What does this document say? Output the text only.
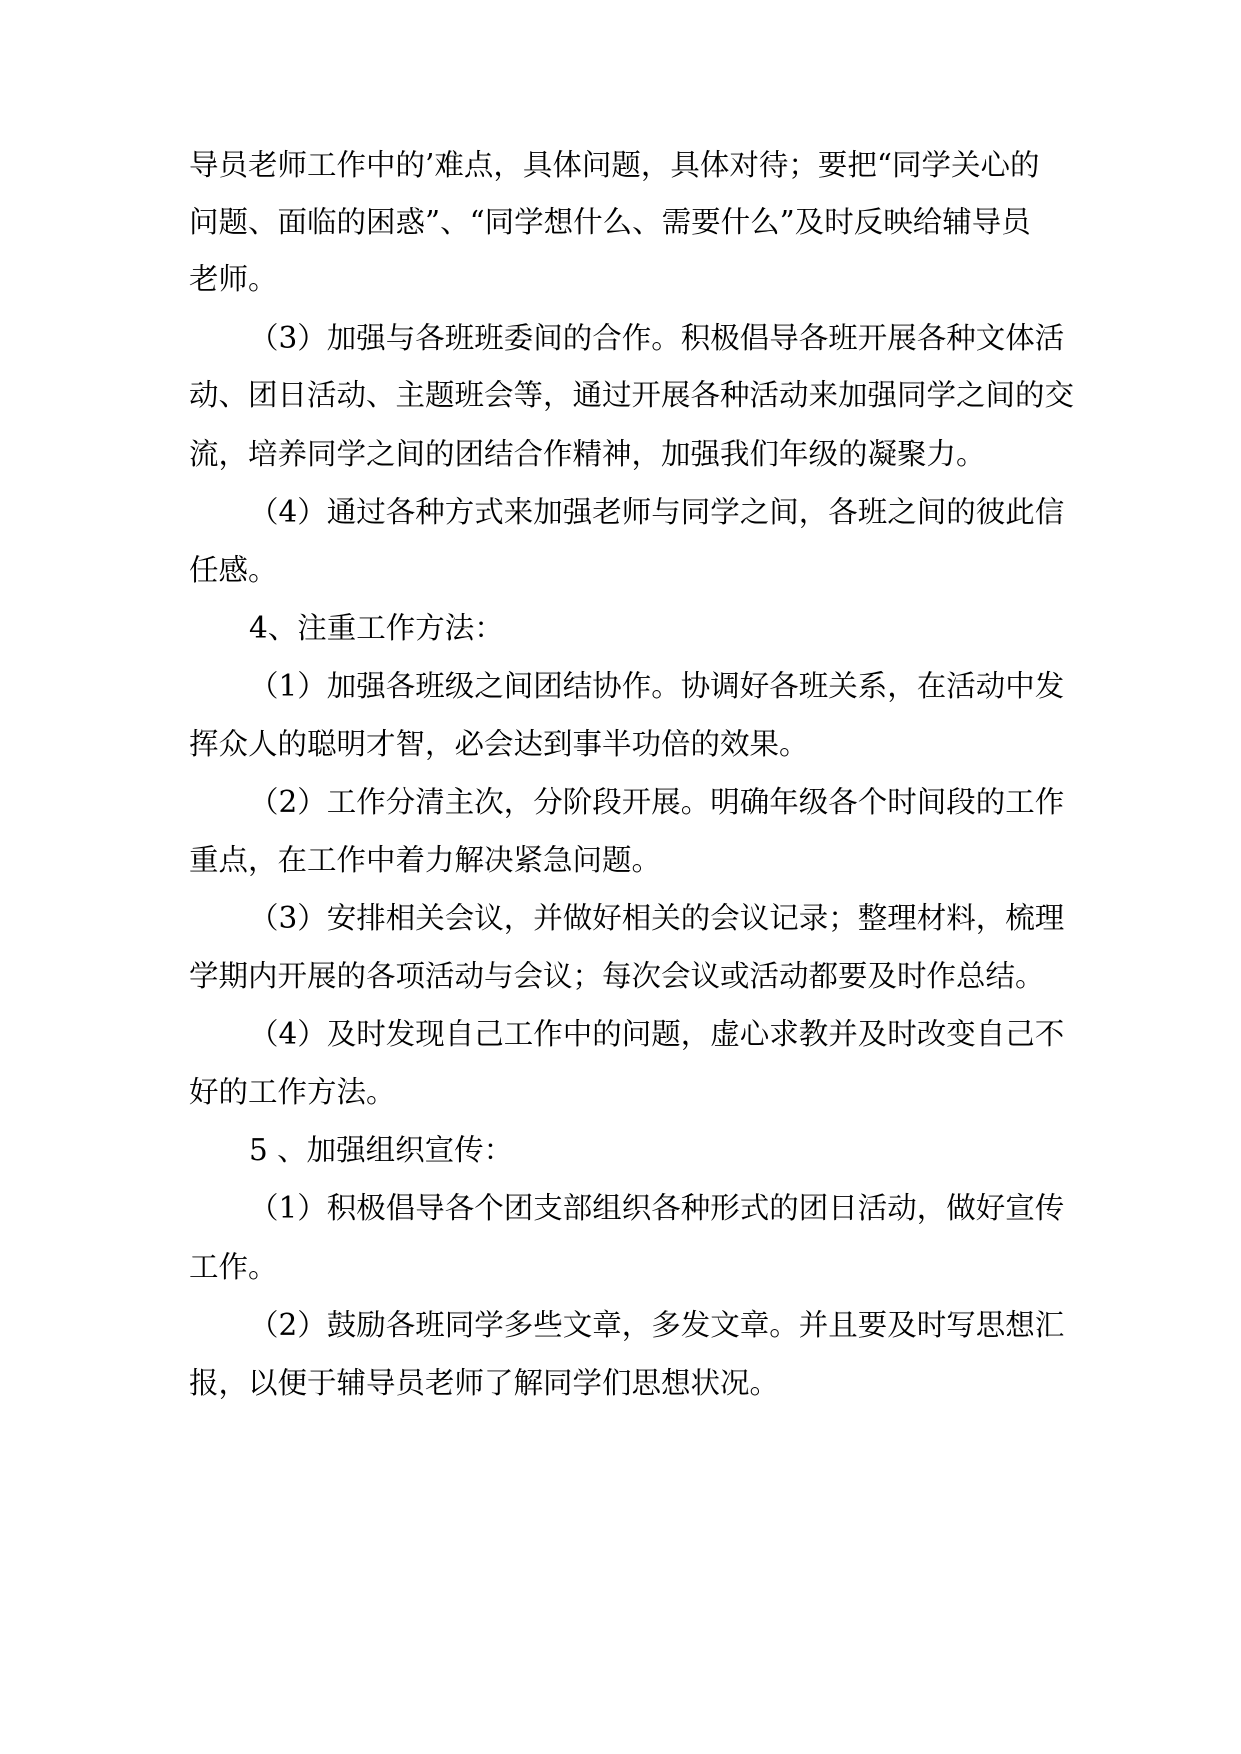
导员老师工作中的’难点，具体问题，具体对待；要把“同学关心的
问题、面临的困惑”、“同学想什么、需要什么”及时反映给辅导员
老师。
（3）加强与各班班委间的合作。积极倡导各班开展各种文体活
动、团日活动、主题班会等，通过开展各种活动来加强同学之间的交
流，培养同学之间的团结合作精神，加强我们年级的凝聚力。
（4）通过各种方式来加强老师与同学之间，各班之间的彼此信
任感。
4、注重工作方法：
（1）加强各班级之间团结协作。协调好各班关系，在活动中发
挥众人的聪明才智，必会达到事半功倍的效果。
（2）工作分清主次，分阶段开展。明确年级各个时间段的工作
重点，在工作中着力解决紧急问题。
（3）安排相关会议，并做好相关的会议记录；整理材料，梳理
学期内开展的各项活动与会议；每次会议或活动都要及时作总结。
（4）及时发现自己工作中的问题，虚心求教并及时改变自己不
好的工作方法。
5 、加强组织宣传：
（1）积极倡导各个团支部组织各种形式的团日活动，做好宣传
工作。
（2）鼓励各班同学多些文章，多发文章。并且要及时写思想汇
报，以便于辅导员老师了解同学们思想状况。
